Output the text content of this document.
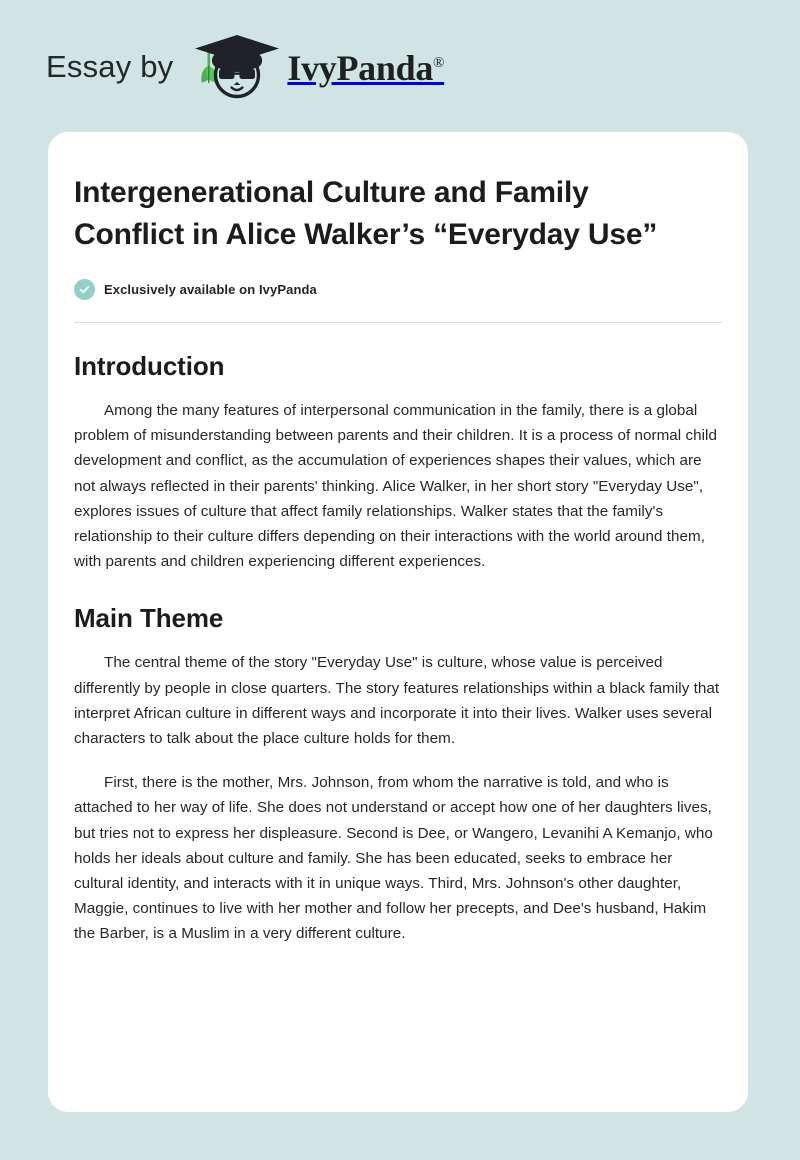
Essay by	IvyPanda®
Intergenerational Culture and Family Conflict in Alice Walker’s “Everyday Use”
Exclusively available on IvyPanda
Introduction

Among the many features of interpersonal communication in the family, there is a global problem of misunderstanding between parents and their children. It is a process of normal child development and conflict, as the accumulation of experiences shapes their values, which are not always reflected in their parents' thinking. Alice Walker, in her short story "Everyday Use", explores issues of culture that affect family relationships. Walker states that the family's relationship to their culture differs depending on their interactions with the world around them, with parents and children experiencing different experiences.

Main Theme

The central theme of the story "Everyday Use" is culture, whose value is perceived differently by people in close quarters. The story features relationships within a black family that interpret African culture in different ways and incorporate it into their lives. Walker uses several characters to talk about the place culture holds for them.

First, there is the mother, Mrs. Johnson, from whom the narrative is told, and who is attached to her way of life. She does not understand or accept how one of her daughters lives, but tries not to express her displeasure. Second is Dee, or Wangero, Levanihi A Kemanjo, who holds her ideals about culture and family. She has been educated, seeks to embrace her cultural identity, and interacts with it in unique ways. Third, Mrs. Johnson's other daughter, Maggie, continues to live with her mother and follow her precepts, and Dee's husband, Hakim the Barber, is a Muslim in a very different culture.
